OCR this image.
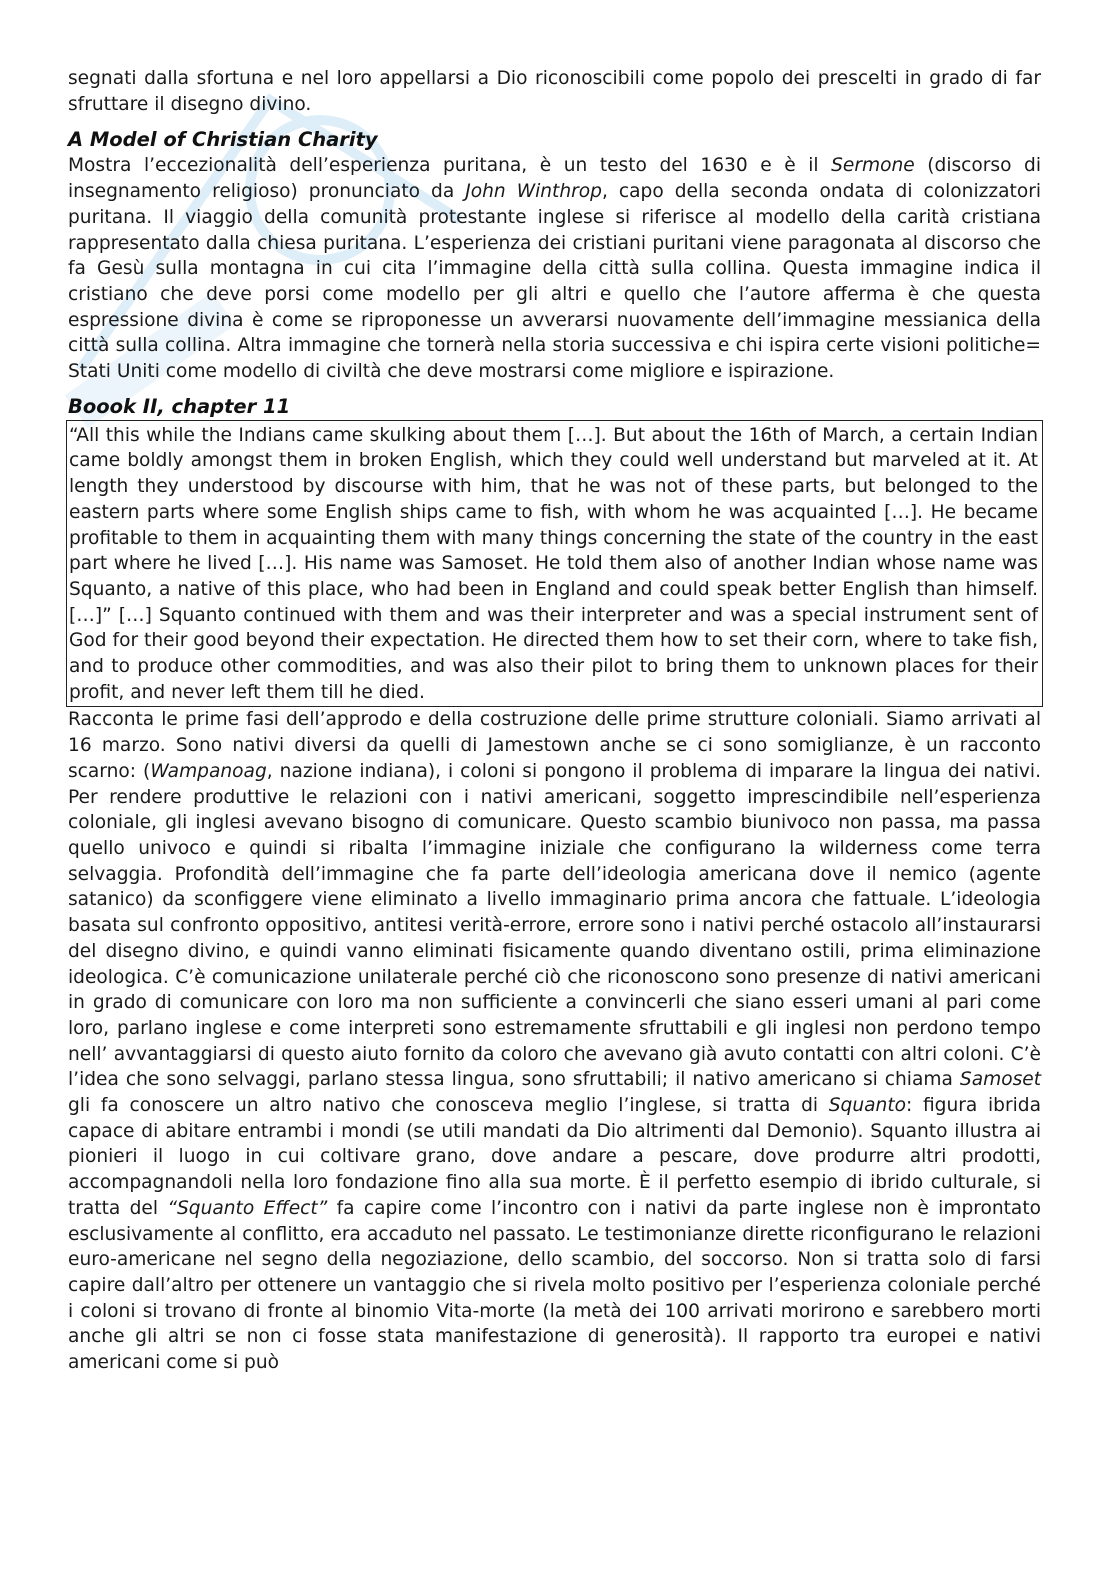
segnati dalla sfortuna e nel loro appellarsi a Dio riconoscibili come popolo dei prescelti in grado di far sfruttare il disegno divino.

A Model of Christian Charity

Mostra l’eccezionalità dell’esperienza puritana, è un testo del 1630 e è il Sermone (discorso di insegnamento religioso) pronunciato da John Winthrop, capo della seconda ondata di colonizzatori puritana. Il viaggio della comunità protestante inglese si riferisce al modello della carità cristiana rappresentato dalla chiesa puritana. L’esperienza dei cristiani puritani viene paragonata al discorso che fa Gesù sulla montagna in cui cita l’immagine della città sulla collina. Questa immagine indica il cristiano che deve porsi come modello per gli altri e quello che l’autore afferma è che questa espressione divina è come se riproponesse un avverarsi nuovamente dell’immagine messianica della città sulla collina. Altra immagine che tornerà nella storia successiva e chi ispira certe visioni politiche= Stati Uniti come modello di civiltà che deve mostrarsi come migliore e ispirazione.

Boook II, chapter 11

“All this while the Indians came skulking about them […]. But about the 16th of March, a certain Indian came boldly amongst them in broken English, which they could well understand but marveled at it. At length they understood by discourse with him, that he was not of these parts, but belonged to the eastern parts where some English ships came to fish, with whom he was acquainted […]. He became profitable to them in acquainting them with many things concerning the state of the country in the east part where he lived […]. His name was Samoset. He told them also of another Indian whose name was Squanto, a native of this place, who had been in England and could speak better English than himself. […]” […] Squanto continued with them and was their interpreter and was a special instrument sent of God for their good beyond their expectation. He directed them how to set their corn, where to take fish, and to produce other commodities, and was also their pilot to bring them to unknown places for their profit, and never left them till he died.

Racconta le prime fasi dell’approdo e della costruzione delle prime strutture coloniali. Siamo arrivati al 16 marzo. Sono nativi diversi da quelli di Jamestown anche se ci sono somiglianze, è un racconto scarno: (Wampanoag, nazione indiana), i coloni si pongono il problema di imparare la lingua dei nativi. Per rendere produttive le relazioni con i nativi americani, soggetto imprescindibile nell’esperienza coloniale, gli inglesi avevano bisogno di comunicare. Questo scambio biunivoco non passa, ma passa quello univoco e quindi si ribalta l’immagine iniziale che configurano la wilderness come terra selvaggia. Profondità dell’immagine che fa parte dell’ideologia americana dove il nemico (agente satanico) da sconfiggere viene eliminato a livello immaginario prima ancora che fattuale. L’ideologia basata sul confronto oppositivo, antitesi verità-errore, errore sono i nativi perché ostacolo all’instaurarsi del disegno divino, e quindi vanno eliminati fisicamente quando diventano ostili, prima eliminazione ideologica. C’è comunicazione unilaterale perché ciò che riconoscono sono presenze di nativi americani in grado di comunicare con loro ma non sufficiente a convincerli che siano esseri umani al pari come loro, parlano inglese e come interpreti sono estremamente sfruttabili e gli inglesi non perdono tempo nell’ avvantaggiarsi di questo aiuto fornito da coloro che avevano già avuto contatti con altri coloni. C’è l’idea che sono selvaggi, parlano stessa lingua, sono sfruttabili; il nativo americano si chiama Samoset gli fa conoscere un altro nativo che conosceva meglio l’inglese, si tratta di Squanto: figura ibrida capace di abitare entrambi i mondi (se utili mandati da Dio altrimenti dal Demonio). Squanto illustra ai pionieri il luogo in cui coltivare grano, dove andare a pescare, dove produrre altri prodotti, accompagnandoli nella loro fondazione fino alla sua morte. È il perfetto esempio di ibrido culturale, si tratta del “Squanto Effect” fa capire come l’incontro con i nativi da parte inglese non è improntato esclusivamente al conflitto, era accaduto nel passato. Le testimonianze dirette riconfigurano le relazioni euro-americane nel segno della negoziazione, dello scambio, del soccorso. Non si tratta solo di farsi capire dall’altro per ottenere un vantaggio che si rivela molto positivo per l’esperienza coloniale perché i coloni si trovano di fronte al binomio Vita-morte (la metà dei 100 arrivati morirono e sarebbero morti anche gli altri se non ci fosse stata manifestazione di generosità). Il rapporto tra europei e nativi americani come si può
